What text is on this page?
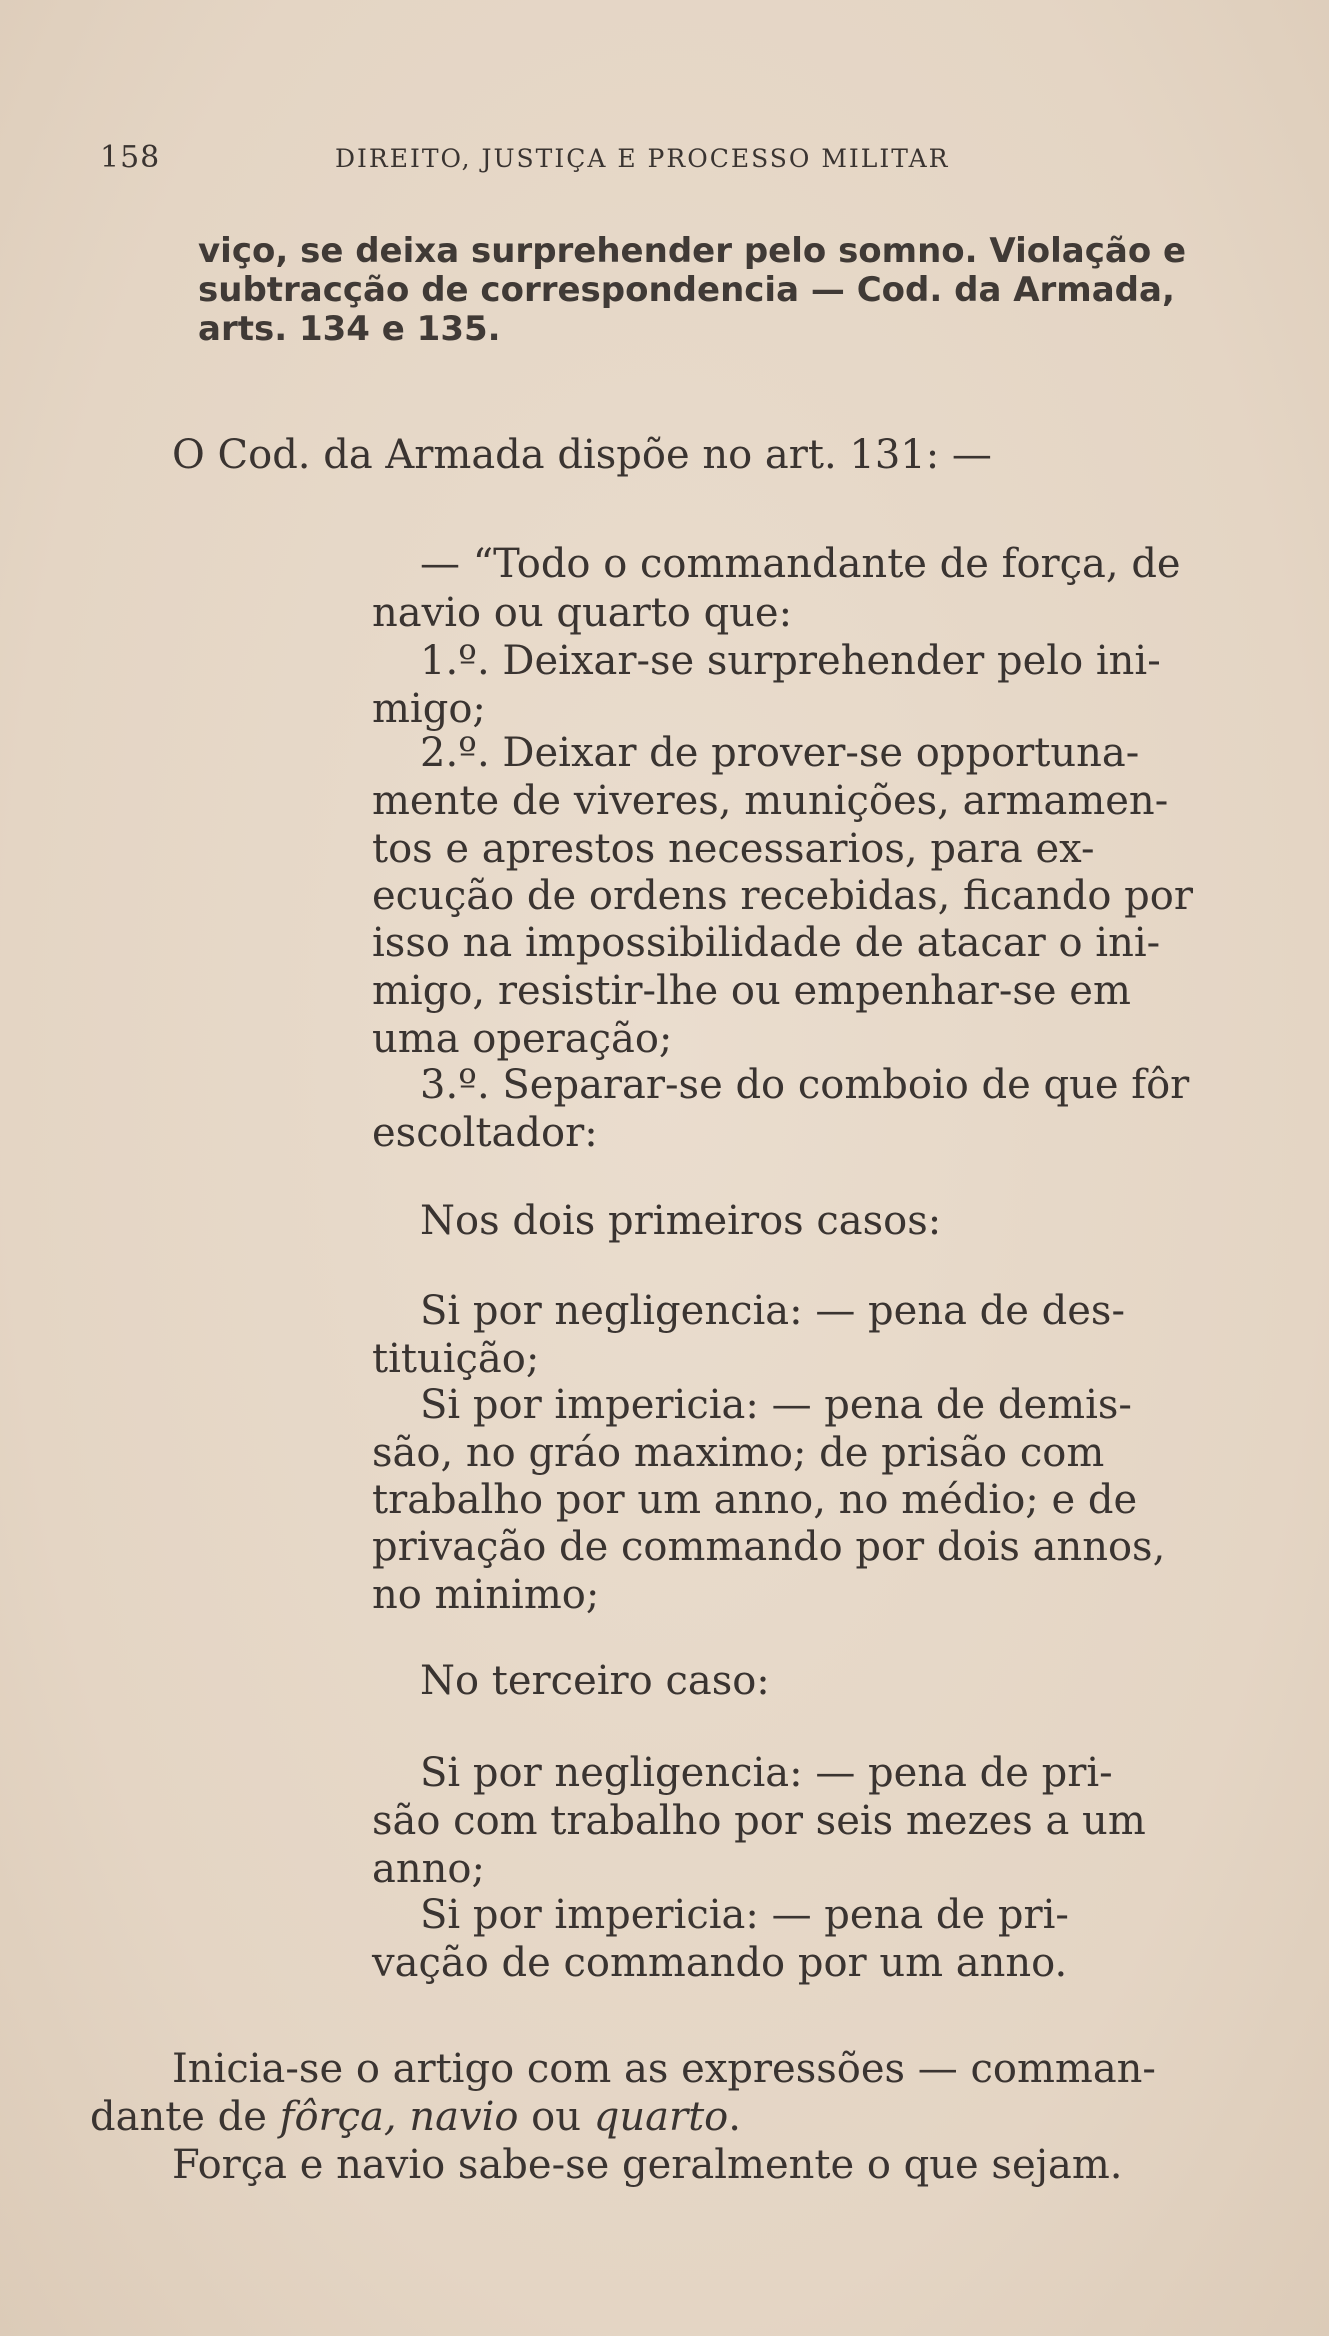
158	DIREITO, JUSTIÇA E PROCESSO MILITAR
viço, se deixa surprehender pelo somno. Violação e
subtracção de correspondencia — Cod. da Armada,
arts. 134 e 135.
O Cod. da Armada dispõe no art. 131: —
— “Todo o commandante de força, de
navio ou quarto que:
1.º. Deixar-se surprehender pelo ini-
migo;
2.º. Deixar de prover-se opportuna-
mente de viveres, munições, armamen-
tos e aprestos necessarios, para ex-
ecução de ordens recebidas, ficando por
isso na impossibilidade de atacar o ini-
migo, resistir-lhe ou empenhar-se em
uma operação;
3.º. Separar-se do comboio de que fôr
escoltador:
Nos dois primeiros casos:
Si por negligencia: — pena de des-
tituição;
Si por impericia: — pena de demis-
são, no gráo maximo; de prisão com
trabalho por um anno, no médio; e de
privação de commando por dois annos,
no minimo;
No terceiro caso:
Si por negligencia: — pena de pri-
são com trabalho por seis mezes a um
anno;
Si por impericia: — pena de pri-
vação de commando por um anno.
Inicia-se o artigo com as expressões — comman-
dante de fôrça, navio ou quarto.
Força e navio sabe-se geralmente o que sejam.
